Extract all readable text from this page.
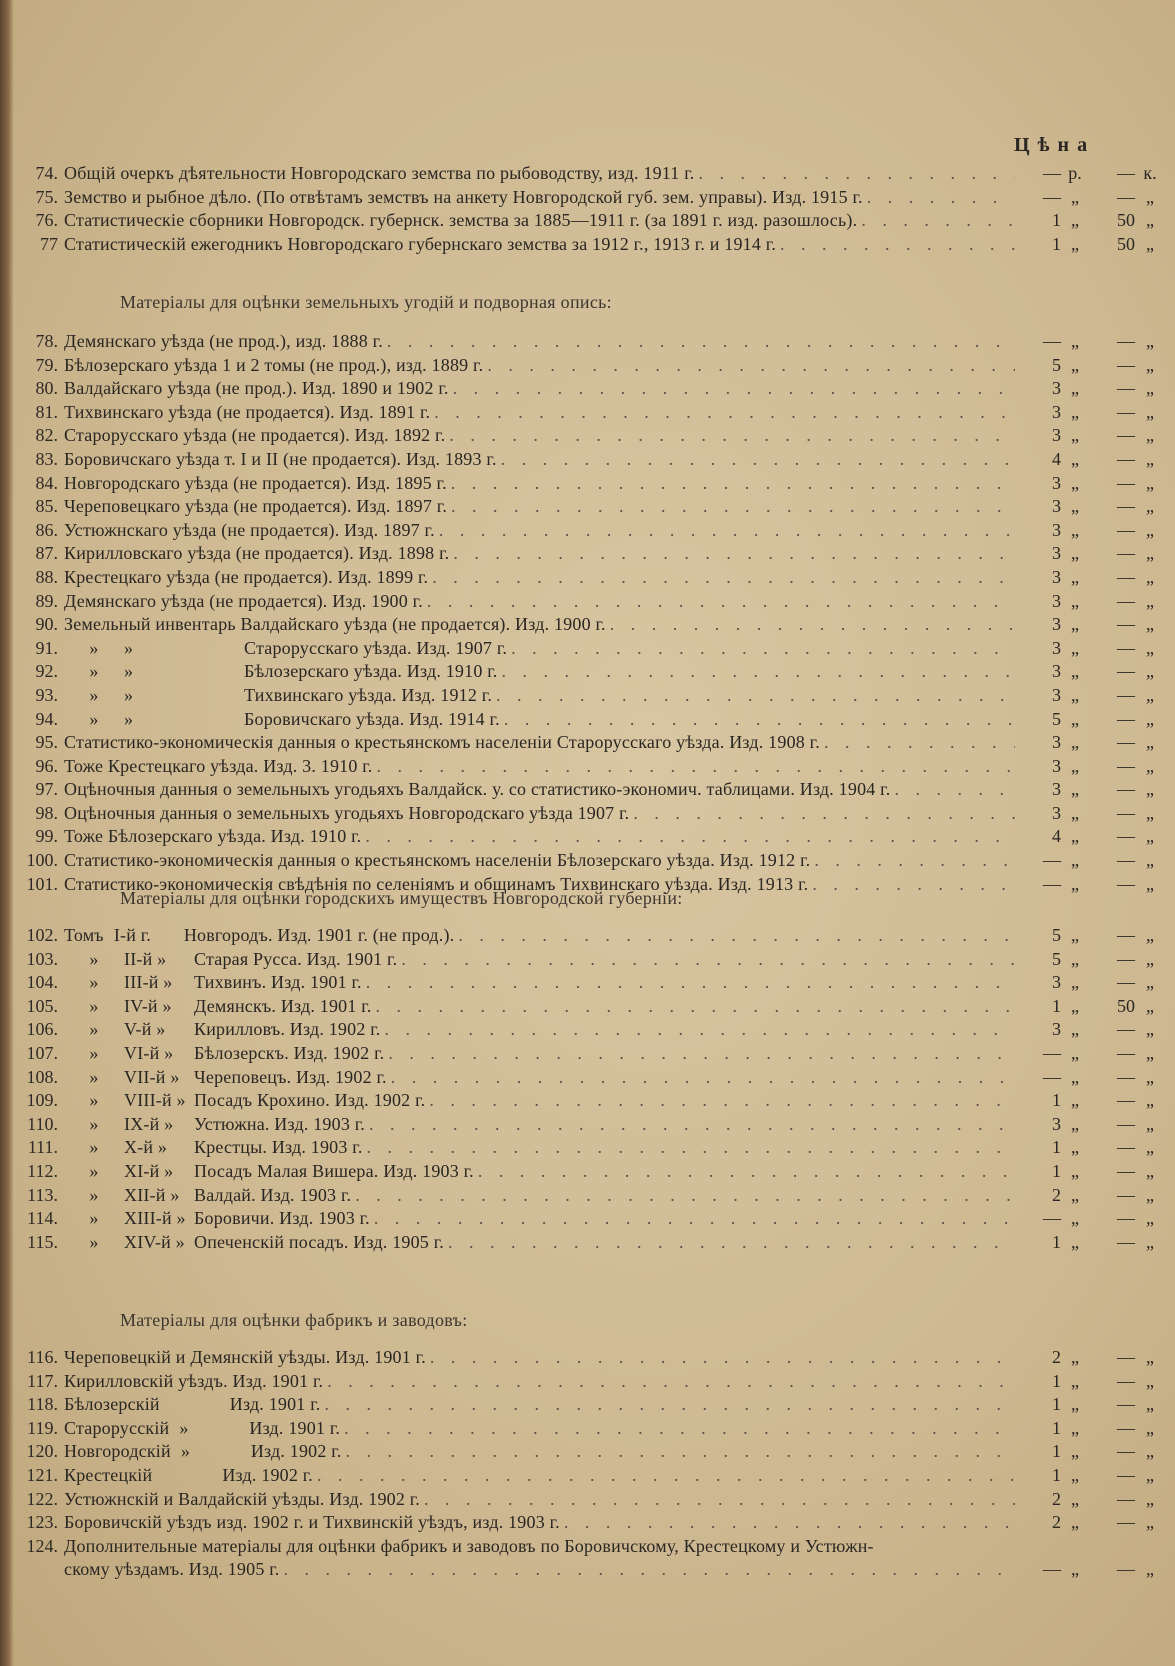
Цѣна
74. Общій очеркъ дѣятельности Новгородскаго земства по рыбоводству, изд. 1911 г. . . .	— р.	— к.
75. Земство и рыбное дѣло. (По отвѣтамъ земствъ на анкету Новгородской губ. зем. управы). Изд. 1915 г. . . .	— „	— „
76. Статистическіе сборники Новгородск. губернск. земства за 1885—1911 г. (за 1891 г. изд. разошлось). . . .	1 „	50 „
77 Статистическій ежегодникъ Новгородскаго губернскаго земства за 1912 г., 1913 г. и 1914 г. . . .	1 „	50 „
Матеріалы для оцѣнки земельныхъ угодій и подворная опись:
78. Демянскаго уѣзда (не прод.), изд. 1888 г. . . .	— „	— „
79. Бѣлозерскаго уѣзда 1 и 2 томы (не прод.), изд. 1889 г. . . .	5 „	— „
80. Валдайскаго уѣзда (не прод.). Изд. 1890 и 1902 г. . . .	3 „	— „
81. Тихвинскаго уѣзда (не продается). Изд. 1891 г. . . .	3 „	— „
82. Старорусскаго уѣзда (не продается). Изд. 1892 г. . . .	3 „	— „
83. Боровичскаго уѣзда т. I и II (не продается). Изд. 1893 г. . . .	4 „	— „
84. Новгородскаго уѣзда (не продается). Изд. 1895 г. . . .	3 „	— „
85. Череповецкаго уѣзда (не продается). Изд. 1897 г. . . .	3 „	— „
86. Устюжнскаго уѣзда (не продается). Изд. 1897 г. . . .	3 „	— „
87. Кирилловскаго уѣзда (не продается). Изд. 1898 г. . . .	3 „	— „
88. Крестецкаго уѣзда (не продается). Изд. 1899 г. . . .	3 „	— „
89. Демянскаго уѣзда (не продается). Изд. 1900 г. . . .	3 „	— „
90. Земельный инвентарь Валдайскаго уѣзда (не продается). Изд. 1900 г. . . .	3 „	— „
91.	» »	Старорусскаго уѣзда. Изд. 1907 г. . . .	3 „	— „
92.	» »	Бѣлозерскаго уѣзда. Изд. 1910 г. . . .	3 „	— „
93.	» »	Тихвинскаго уѣзда. Изд. 1912 г. . . .	3 „	— „
94.	» »	Боровичскаго уѣзда. Изд. 1914 г. . . .	5 „	— „
95. Статистико-экономическія данныя о крестьянскомъ населеніи Старорусскаго уѣзда. Изд. 1908 г. . . .	3 „	— „
96. Тоже Крестецкаго уѣзда. Изд. 3. 1910 г. . . .	3 „	— „
97. Оцѣночныя данныя о земельныхъ угодьяхъ Валдайск. у. со статистико-экономич. таблицами. Изд. 1904 г. . . .	3 „	— „
98. Оцѣночныя данныя о земельныхъ угодьяхъ Новгородскаго уѣзда 1907 г. . . .	3 „	— „
99. Тоже Бѣлозерскаго уѣзда. Изд. 1910 г. . . .	4 „	— „
100. Статистико-экономическія данныя о крестьянскомъ населеніи Бѣлозерскаго уѣзда. Изд. 1912 г. . . .	— „	— „
101. Статистико-экономическія свѣдѣнія по селеніямъ и общинамъ Тихвинскаго уѣзда. Изд. 1913 г. . . .	— „	— „
Матеріалы для оцѣнки городскихъ имуществъ Новгородской губерніи:
102. Томъ I-й г. Новгородъ. Изд. 1901 г. (не прод.). . . .	5 „	— „
103.	» II-й » Старая Русса. Изд. 1901 г. . . .	5 „	— „
104.	» III-й » Тихвинъ. Изд. 1901 г. . . .	3 „	— „
105.	» IV-й » Демянскъ. Изд. 1901 г. . . .	1 „	50 „
106.	» V-й » Кирилловъ. Изд. 1902 г. . . .	3 „	— „
107.	» VI-й » Бѣлозерскъ. Изд. 1902 г. . . .	— „	— „
108.	» VII-й » Череповецъ. Изд. 1902 г. . . .	— „	— „
109.	» VIII-й » Посадъ Крохино. Изд. 1902 г. . . .	1 „	— „
110.	» IX-й » Устюжна. Изд. 1903 г. . . .	3 „	— „
111.	» X-й » Крестцы. Изд. 1903 г. . . .	1 „	— „
112.	» XI-й » Посадъ Малая Вишера. Изд. 1903 г. . . .	1 „	— „
113.	» XII-й » Валдай. Изд. 1903 г. . . .	2 „	— „
114.	» XIII-й » Боровичи. Изд. 1903 г. . . .	— „	— „
115.	» XIV-й » Опеченскій посадъ. Изд. 1905 г. . . .	1 „	— „
Матеріалы для оцѣнки фабрикъ и заводовъ:
116. Череповецкій и Демянскій уѣзды. Изд. 1901 г. . . .	2 „	— „
117. Кирилловскій уѣздъ. Изд. 1901 г. . . .	1 „	— „
118. Бѣлозерскій	Изд. 1901 г. . . .	1 „	— „
119. Старорусскій »	Изд. 1901 г. . . .	1 „	— „
120. Новгородскій »	Изд. 1902 г. . . .	1 „	— „
121. Крестецкій	Изд. 1902 г. . . .	1 „	— „
122. Устюжнскій и Валдайскій уѣзды. Изд. 1902 г. . . .	2 „	— „
123. Боровичскій уѣздъ изд. 1902 г. и Тихвинскій уѣздъ, изд. 1903 г. . . .	2 „	— „
124. Дополнительные матеріалы для оцѣнки фабрикъ и заводовъ по Боровичскому, Крестецкому и Устюжн-
скому уѣздамъ. Изд. 1905 г. . . .	— „	— „
